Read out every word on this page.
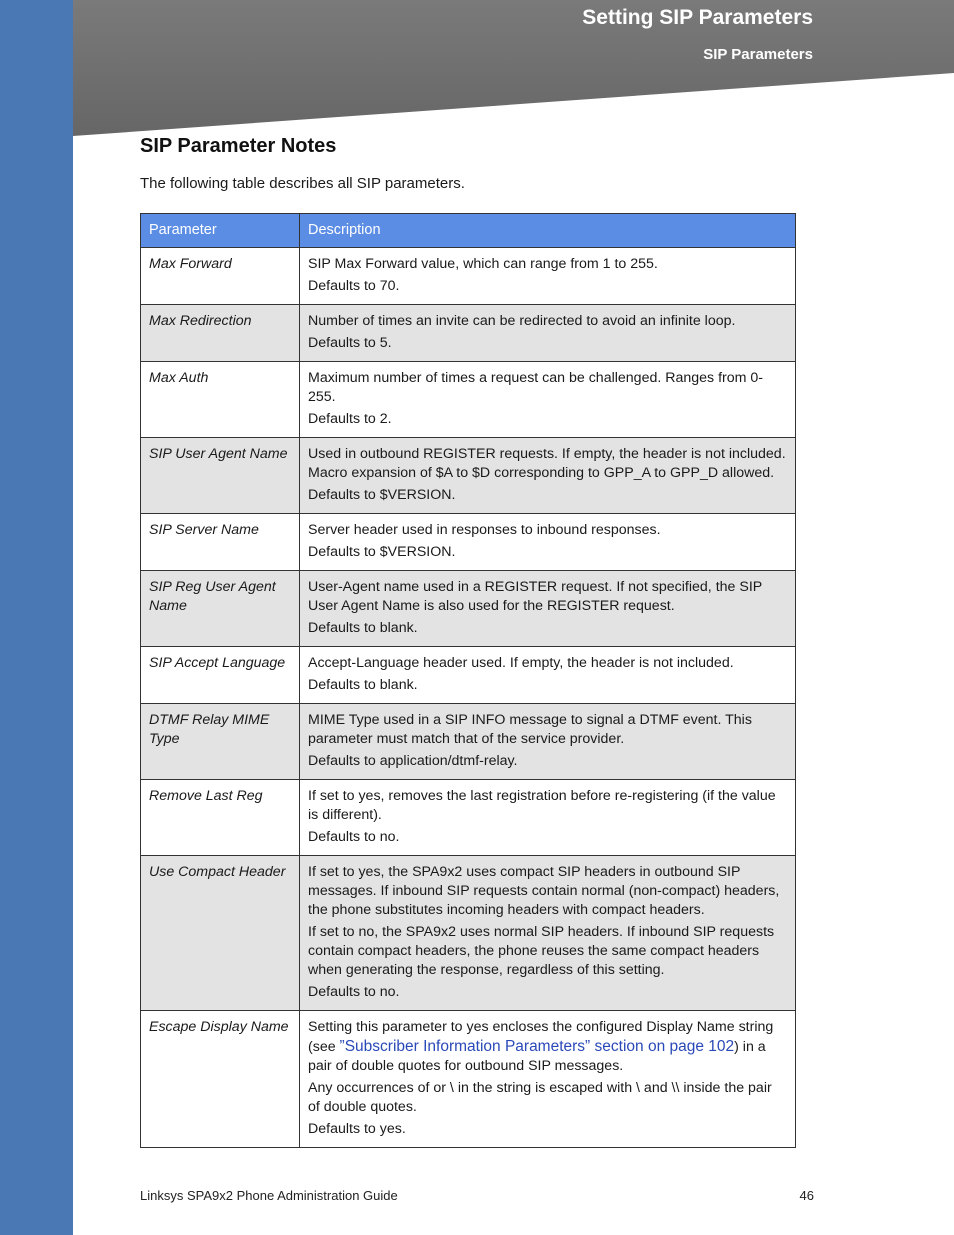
Setting SIP Parameters
SIP Parameters
SIP Parameter Notes

The following table describes all SIP parameters.

Parameter	Description
Max Forward	SIP Max Forward value, which can range from 1 to 255.

Defaults to 70.

Max Redirection	Number of times an invite can be redirected to avoid an infinite loop.

Defaults to 5.

Max Auth	Maximum number of times a request can be challenged. Ranges from 0-255.

Defaults to 2.

SIP User Agent Name	Used in outbound REGISTER requests. If empty, the header is not included. Macro expansion of $A to $D corresponding to GPP_A to GPP_D allowed.

Defaults to $VERSION.

SIP Server Name	Server header used in responses to inbound responses.

Defaults to $VERSION.

SIP Reg User Agent Name	User-Agent name used in a REGISTER request. If not specified, the SIP User Agent Name is also used for the REGISTER request.

Defaults to blank.

SIP Accept Language	Accept-Language header used. If empty, the header is not included.

Defaults to blank.

DTMF Relay MIME Type	MIME Type used in a SIP INFO message to signal a DTMF event. This parameter must match that of the service provider.

Defaults to application/dtmf-relay.

Remove Last Reg	If set to yes, removes the last registration before re-registering (if the value is different).

Defaults to no.

Use Compact Header	If set to yes, the SPA9x2 uses compact SIP headers in outbound SIP messages. If inbound SIP requests contain normal (non-compact) headers, the phone substitutes incoming headers with compact headers.

If set to no, the SPA9x2 uses normal SIP headers. If inbound SIP requests contain compact headers, the phone reuses the same compact headers when generating the response, regardless of this setting.

Defaults to no.

Escape Display Name	Setting this parameter to yes encloses the configured Display Name string (see ”Subscriber Information Parameters” section on page 102) in a pair of double quotes for outbound SIP messages.

Any occurrences of or \ in the string is escaped with \ and \\ inside the pair of double quotes.

Defaults to yes.

Linksys SPA9x2 Phone Administration Guide	46
